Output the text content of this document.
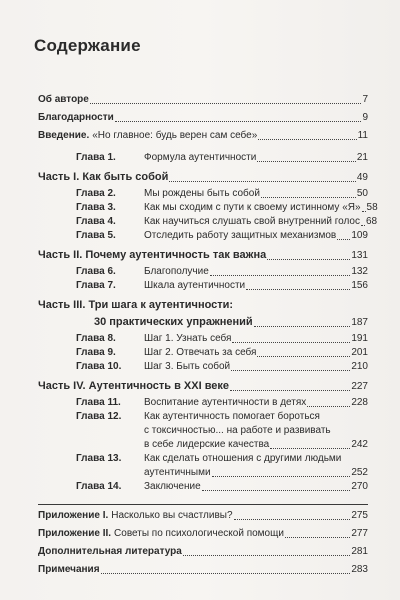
Содержание
Об авторе	7
Благодарности	9
Введение. «Но главное: будь верен сам себе»	11
Глава 1.	Формула аутентичности	21
Часть I. Как быть собой	49
Глава 2.	Мы рождены быть собой	50
Глава 3.	Как мы сходим с пути к своему истинному «Я» 58
Глава 4.	Как научиться слушать свой внутренний голос 68
Глава 5.	Отследить работу защитных механизмов 109
Часть II. Почему аутентичность так важна	131
Глава 6.	Благополучие	132
Глава 7.	Шкала аутентичности	156
Часть III. Три шага к аутентичности:
30 практических упражнений	187
Глава 8.	Шаг 1. Узнать себя	191
Глава 9.	Шаг 2. Отвечать за себя	201
Глава 10.	Шаг 3. Быть собой	210
Часть IV. Аутентичность в XXI веке	227
Глава 11.	Воспитание аутентичности в детях	228
Глава 12. Как аутентичность помогает бороться
с токсичностью... на работе и развивать
в себе лидерские качества	242
Глава 13. Как сделать отношения с другими людьми
аутентичными	252
Глава 14.	Заключение	270
Приложение I. Насколько вы счастливы?	275
Приложение II. Советы по психологической помощи	277
Дополнительная литература	281
Примечания	283
